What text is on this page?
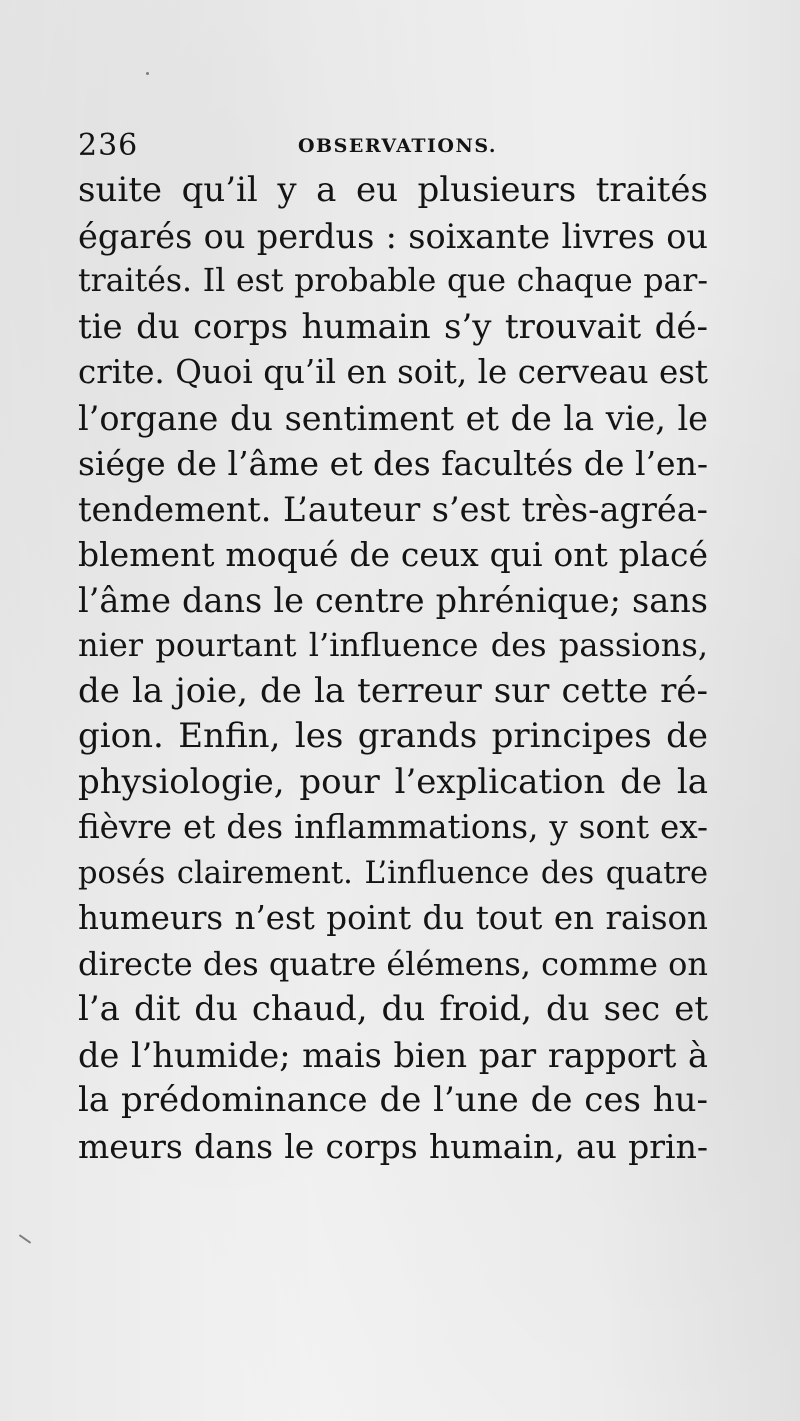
236	OBSERVATIONS.
suite qu’il y a eu plusieurs traités
égarés ou perdus : soixante livres ou
traités. Il est probable que chaque par-
tie du corps humain s’y trouvait dé-
crite. Quoi qu’il en soit, le cerveau est
l’organe du sentiment et de la vie, le
siége de l’âme et des facultés de l’en-
tendement. L’auteur s’est très-agréa-
blement moqué de ceux qui ont placé
l’âme dans le centre phrénique; sans
nier pourtant l’influence des passions,
de la joie, de la terreur sur cette ré-
gion. Enfin, les grands principes de
physiologie, pour l’explication de la
fièvre et des inflammations, y sont ex-
posés clairement. L’influence des quatre
humeurs n’est point du tout en raison
directe des quatre élémens, comme on
l’a dit du chaud, du froid, du sec et
de l’humide; mais bien par rapport à
la prédominance de l’une de ces hu-
meurs dans le corps humain, au prin-
